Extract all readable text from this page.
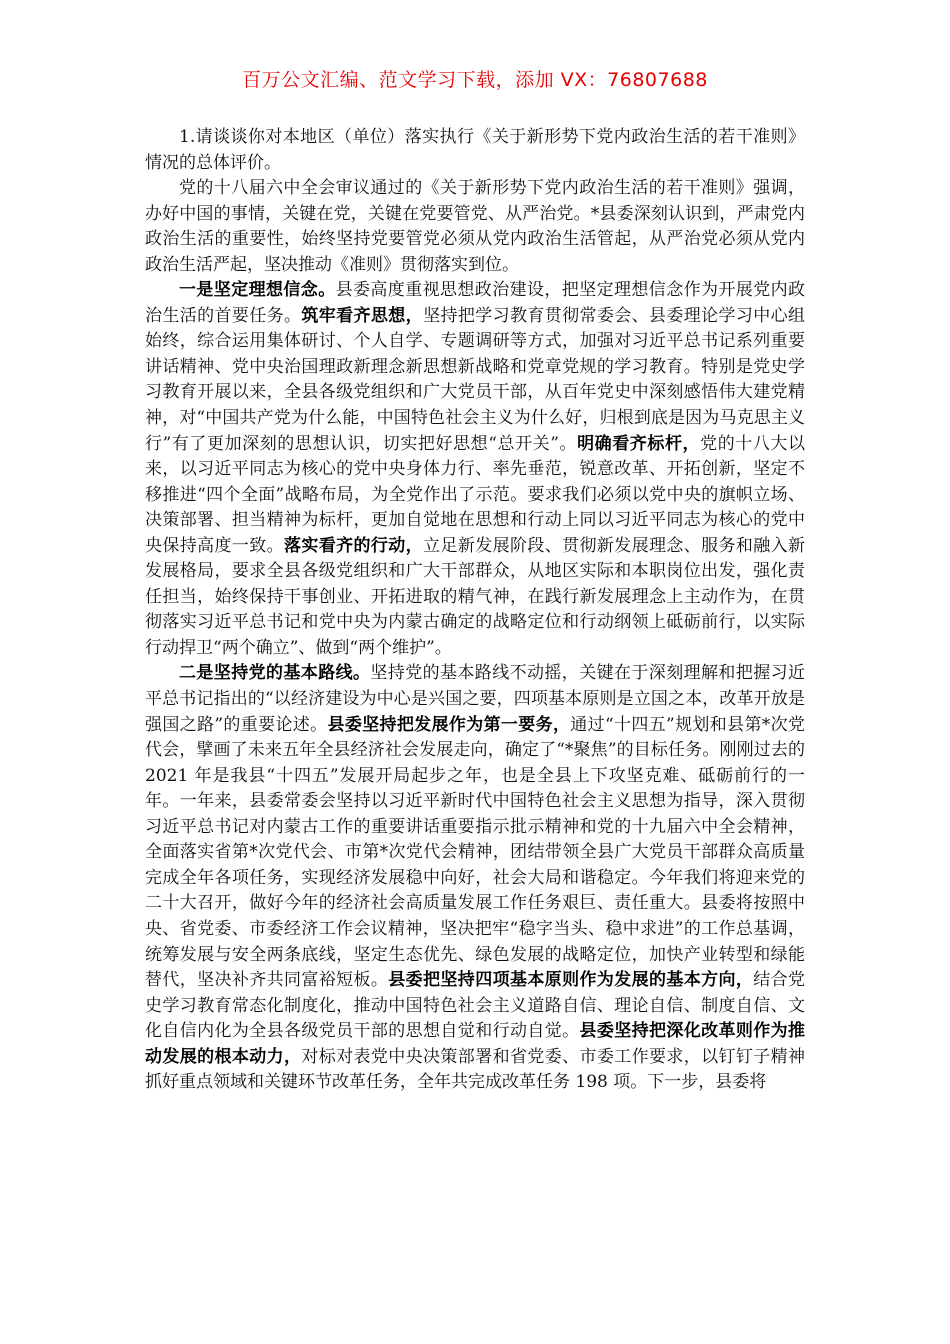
百万公文汇编、范文学习下载，添加 VX：76807688

1.请谈谈你对本地区（单位）落实执行《关于新形势下党内政治生活的若干准则》情况的总体评价。

党的十八届六中全会审议通过的《关于新形势下党内政治生活的若干准则》强调，办好中国的事情，关键在党，关键在党要管党、从严治党。*县委深刻认识到，严肃党内政治生活的重要性，始终坚持党要管党必须从党内政治生活管起，从严治党必须从党内政治生活严起，坚决推动《准则》贯彻落实到位。

一是坚定理想信念。县委高度重视思想政治建设，把坚定理想信念作为开展党内政治生活的首要任务。筑牢看齐思想，坚持把学习教育贯彻常委会、县委理论学习中心组始终，综合运用集体研讨、个人自学、专题调研等方式，加强对习近平总书记系列重要讲话精神、党中央治国理政新理念新思想新战略和党章党规的学习教育。特别是党史学习教育开展以来，全县各级党组织和广大党员干部，从百年党史中深刻感悟伟大建党精神，对“中国共产党为什么能，中国特色社会主义为什么好，归根到底是因为马克思主义行”有了更加深刻的思想认识，切实把好思想“总开关”。明确看齐标杆，党的十八大以来，以习近平同志为核心的党中央身体力行、率先垂范，锐意改革、开拓创新，坚定不移推进“四个全面”战略布局，为全党作出了示范。要求我们必须以党中央的旗帜立场、决策部署、担当精神为标杆，更加自觉地在思想和行动上同以习近平同志为核心的党中央保持高度一致。落实看齐的行动，立足新发展阶段、贯彻新发展理念、服务和融入新发展格局，要求全县各级党组织和广大干部群众，从地区实际和本职岗位出发，强化责任担当，始终保持干事创业、开拓进取的精气神，在践行新发展理念上主动作为，在贯彻落实习近平总书记和党中央为内蒙古确定的战略定位和行动纲领上砥砺前行，以实际行动捍卫“两个确立”、做到“两个维护”。

二是坚持党的基本路线。坚持党的基本路线不动摇，关键在于深刻理解和把握习近平总书记指出的“以经济建设为中心是兴国之要，四项基本原则是立国之本，改革开放是强国之路”的重要论述。县委坚持把发展作为第一要务，通过“十四五”规划和县第*次党代会，擘画了未来五年全县经济社会发展走向，确定了“*聚焦”的目标任务。刚刚过去的 2021 年是我县“十四五”发展开局起步之年，也是全县上下攻坚克难、砥砺前行的一年。一年来，县委常委会坚持以习近平新时代中国特色社会主义思想为指导，深入贯彻习近平总书记对内蒙古工作的重要讲话重要指示批示精神和党的十九届六中全会精神，全面落实省第*次党代会、市第*次党代会精神，团结带领全县广大党员干部群众高质量完成全年各项任务，实现经济发展稳中向好，社会大局和谐稳定。今年我们将迎来党的二十大召开，做好今年的经济社会高质量发展工作任务艰巨、责任重大。县委将按照中央、省党委、市委经济工作会议精神，坚决把牢“稳字当头、稳中求进”的工作总基调，统筹发展与安全两条底线，坚定生态优先、绿色发展的战略定位，加快产业转型和绿能替代，坚决补齐共同富裕短板。县委把坚持四项基本原则作为发展的基本方向，结合党史学习教育常态化制度化，推动中国特色社会主义道路自信、理论自信、制度自信、文化自信内化为全县各级党员干部的思想自觉和行动自觉。县委坚持把深化改革则作为推动发展的根本动力，对标对表党中央决策部署和省党委、市委工作要求，以钉钉子精神抓好重点领域和关键环节改革任务，全年共完成改革任务 198 项。下一步，县委将
